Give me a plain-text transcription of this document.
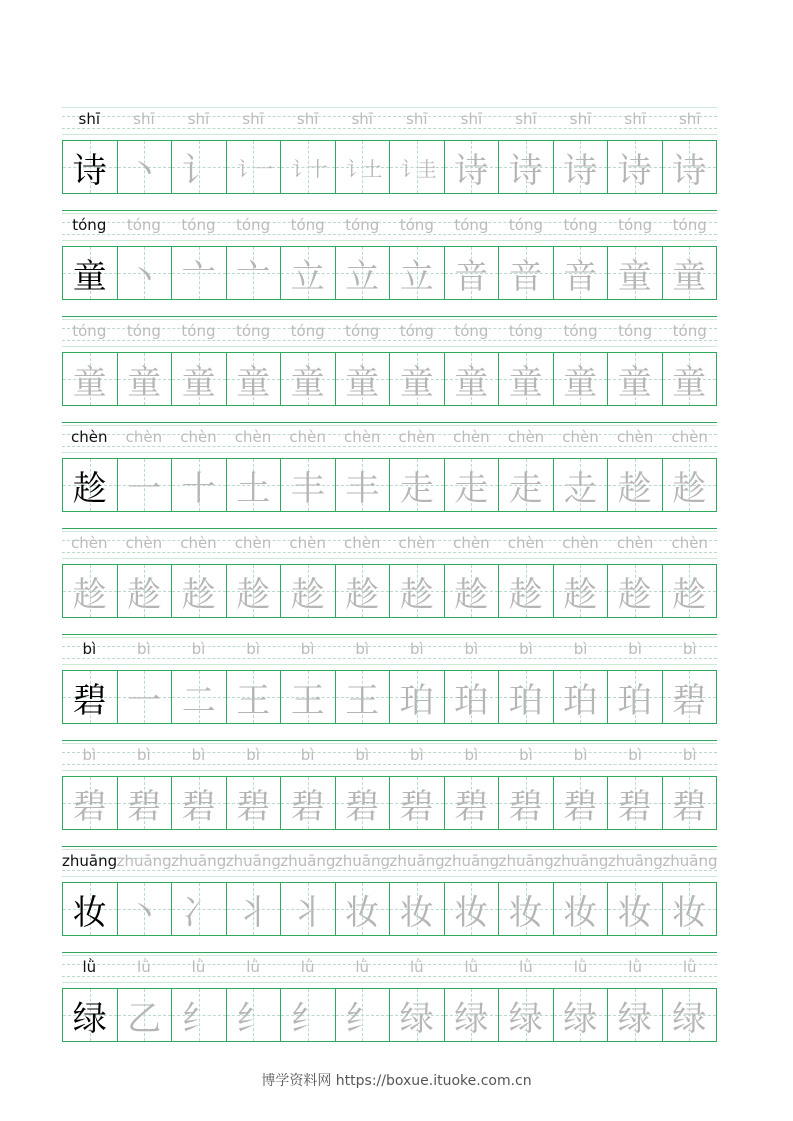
shī	shī	shī	shī	shī	shī	shī	shī	shī	shī	shī	shī
诗 丶 讠	讠一	讠十	讠土	讠圭 诗 诗 诗 诗 诗
tóng	tóng	tóng	tóng	tóng	tóng	tóng	tóng	tóng	tóng	tóng	tóng
童 丶 亠 亠 立 立 立 音 音 音 童 童
tóng	tóng	tóng	tóng	tóng	tóng	tóng	tóng	tóng	tóng	tóng	tóng
童 童 童 童 童 童 童 童 童 童 童 童
chèn	chèn	chèn	chèn	chèn	chèn	chèn	chèn	chèn	chèn	chèn	chèn
趁 一 十 土 丰 丰 走 走 走 赱 趁 趁
chèn	chèn	chèn	chèn	chèn	chèn	chèn	chèn	chèn	chèn	chèn	chèn
趁 趁 趁 趁 趁 趁 趁 趁 趁 趁 趁 趁
bì	bì	bì	bì	bì	bì	bì	bì	bì	bì	bì	bì
碧 一 二 王 王 王 珀 珀 珀 珀 珀 碧
bì	bì	bì	bì	bì	bì	bì	bì	bì	bì	bì	bì
碧 碧 碧 碧 碧 碧 碧 碧 碧 碧 碧 碧
zhuāng zhuāng zhuāng zhuāng zhuāng zhuāng zhuāng zhuāng zhuāng zhuāng zhuāng zhuāng
妆 丶 冫 丬 丬 妆 妆 妆 妆 妆 妆 妆
lǜ	lǜ	lǜ	lǜ	lǜ	lǜ	lǜ	lǜ	lǜ	lǜ	lǜ	lǜ
绿 乙 纟 纟 纟 纟 绿 绿 绿 绿 绿 绿
博学资料网 https://boxue.ituoke.com.cn
